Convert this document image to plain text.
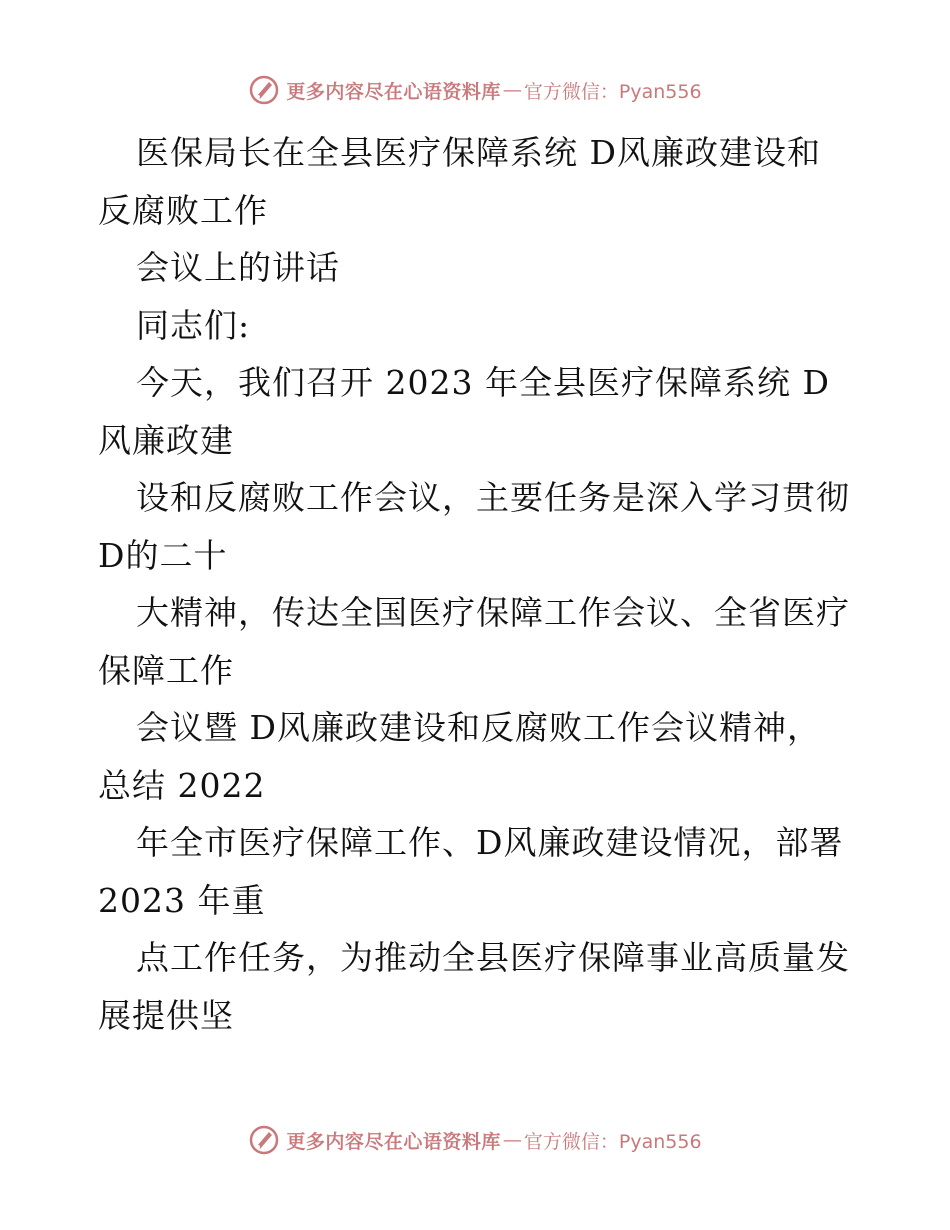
更多内容尽在心语资料库 — 官方微信：Pyan556
医保局长在全县医疗保障系统 D风廉政建设和
反腐败工作
会议上的讲话
同志们:
今天，我们召开 2023 年全县医疗保障系统 D
风廉政建
设和反腐败工作会议，主要任务是深入学习贯彻
D的二十
大精神，传达全国医疗保障工作会议、全省医疗
保障工作
会议暨 D风廉政建设和反腐败工作会议精神，
总结 2022
年全市医疗保障工作、D风廉政建设情况，部署
2023 年重
点工作任务，为推动全县医疗保障事业高质量发
展提供坚
更多内容尽在心语资料库 — 官方微信：Pyan556
